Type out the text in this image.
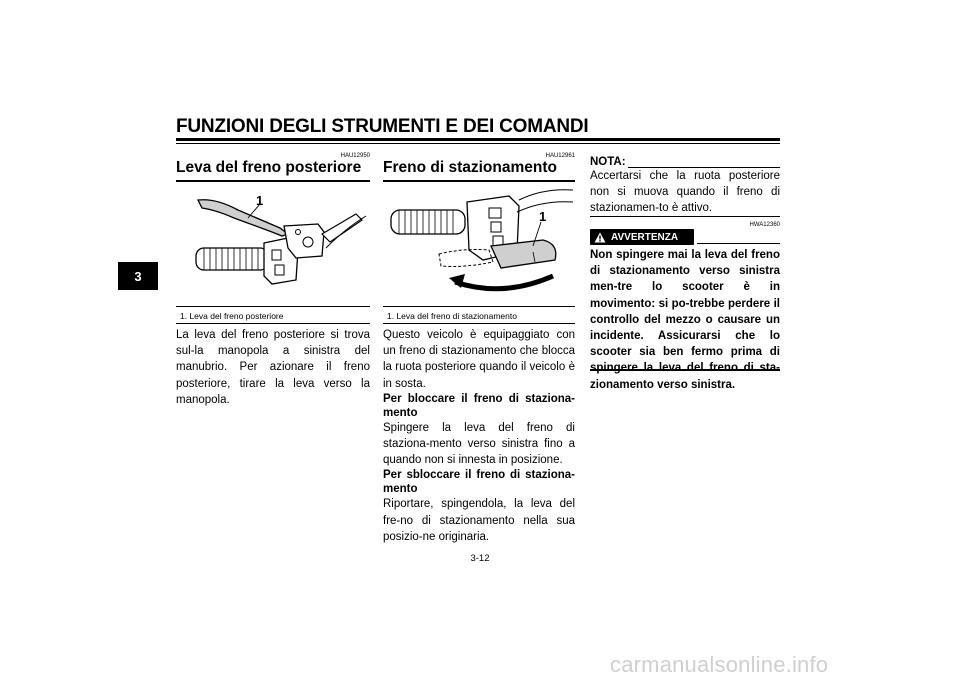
FUNZIONI DEGLI STRUMENTI E DEI COMANDI
3
HAU12950
Leva del freno posteriore
1
1. Leva del freno posteriore

La leva del freno posteriore si trova sul-la manopola a sinistra del manubrio. Per azionare il freno posteriore, tirare la leva verso la manopola.

HAU12961
Freno di stazionamento
1
1. Leva del freno di stazionamento

Questo veicolo è equipaggiato con un freno di stazionamento che blocca la ruota posteriore quando il veicolo è in sosta.

Per bloccare il freno di staziona-mento

Spingere la leva del freno di staziona-mento verso sinistra fino a quando non si innesta in posizione.

Per sbloccare il freno di staziona-mento

Riportare, spingendola, la leva del fre-no di stazionamento nella sua posizio-ne originaria.

NOTA:

Accertarsi che la ruota posteriore non si muova quando il freno di stazionamen-to è attivo.

HWA12360
AVVERTENZA
Non spingere mai la leva del freno di stazionamento verso sinistra men-tre lo scooter è in movimento: si po-trebbe perdere il controllo del mezzo o causare un incidente. Assicurarsi che lo scooter sia ben fermo prima di zionamento verso sinistra.
3-12
carmanualsonline.info
